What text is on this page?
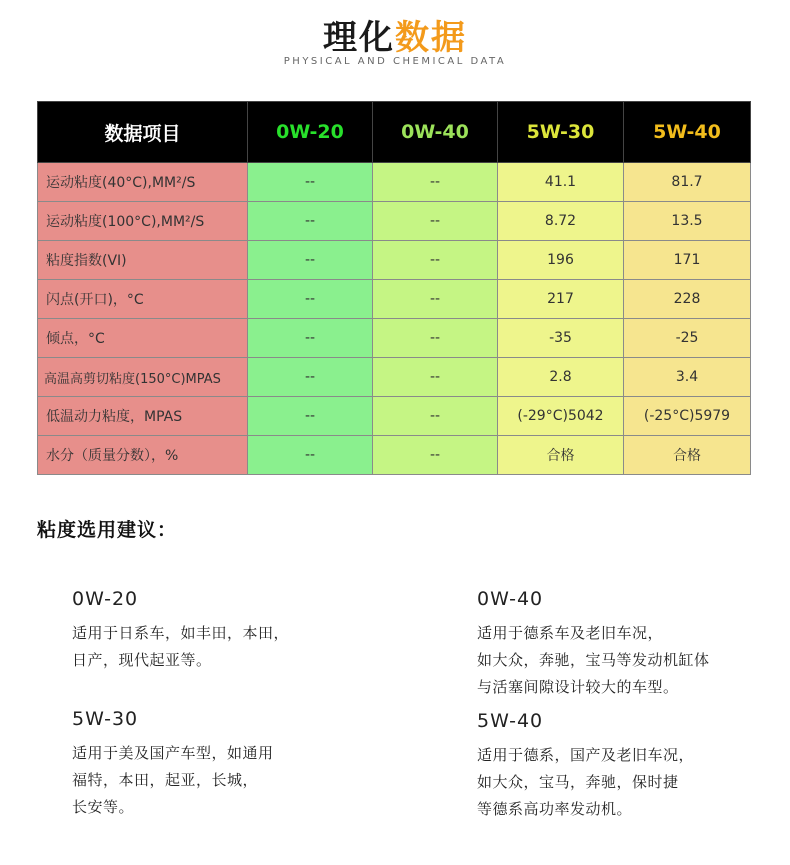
理化数据
PHYSICAL AND CHEMICAL DATA
数据项目	0W-20	0W-40	5W-30	5W-40
运动粘度(40°C),MM²/S	--	--	41.1	81.7
运动粘度(100°C),MM²/S	--	--	8.72	13.5
粘度指数(VI)	--	--	196	171
闪点(开口)，°C	--	--	217	228
倾点，°C	--	--	-35	-25
高温高剪切粘度(150°C)MPAS	--	--	2.8	3.4
低温动力粘度，MPAS	--	--	(-29°C)5042	(-25°C)5979
水分（质量分数），%	--	--	合格	合格
粘度选用建议：
0W-20
适用于日系车，如丰田，本田，
日产，现代起亚等。
0W-40
适用于德系车及老旧车况，
如大众，奔驰，宝马等发动机缸体
与活塞间隙设计较大的车型。
5W-30
适用于美及国产车型，如通用
福特，本田，起亚，长城，
长安等。
5W-40
适用于德系，国产及老旧车况，
如大众，宝马，奔驰，保时捷
等德系高功率发动机。
